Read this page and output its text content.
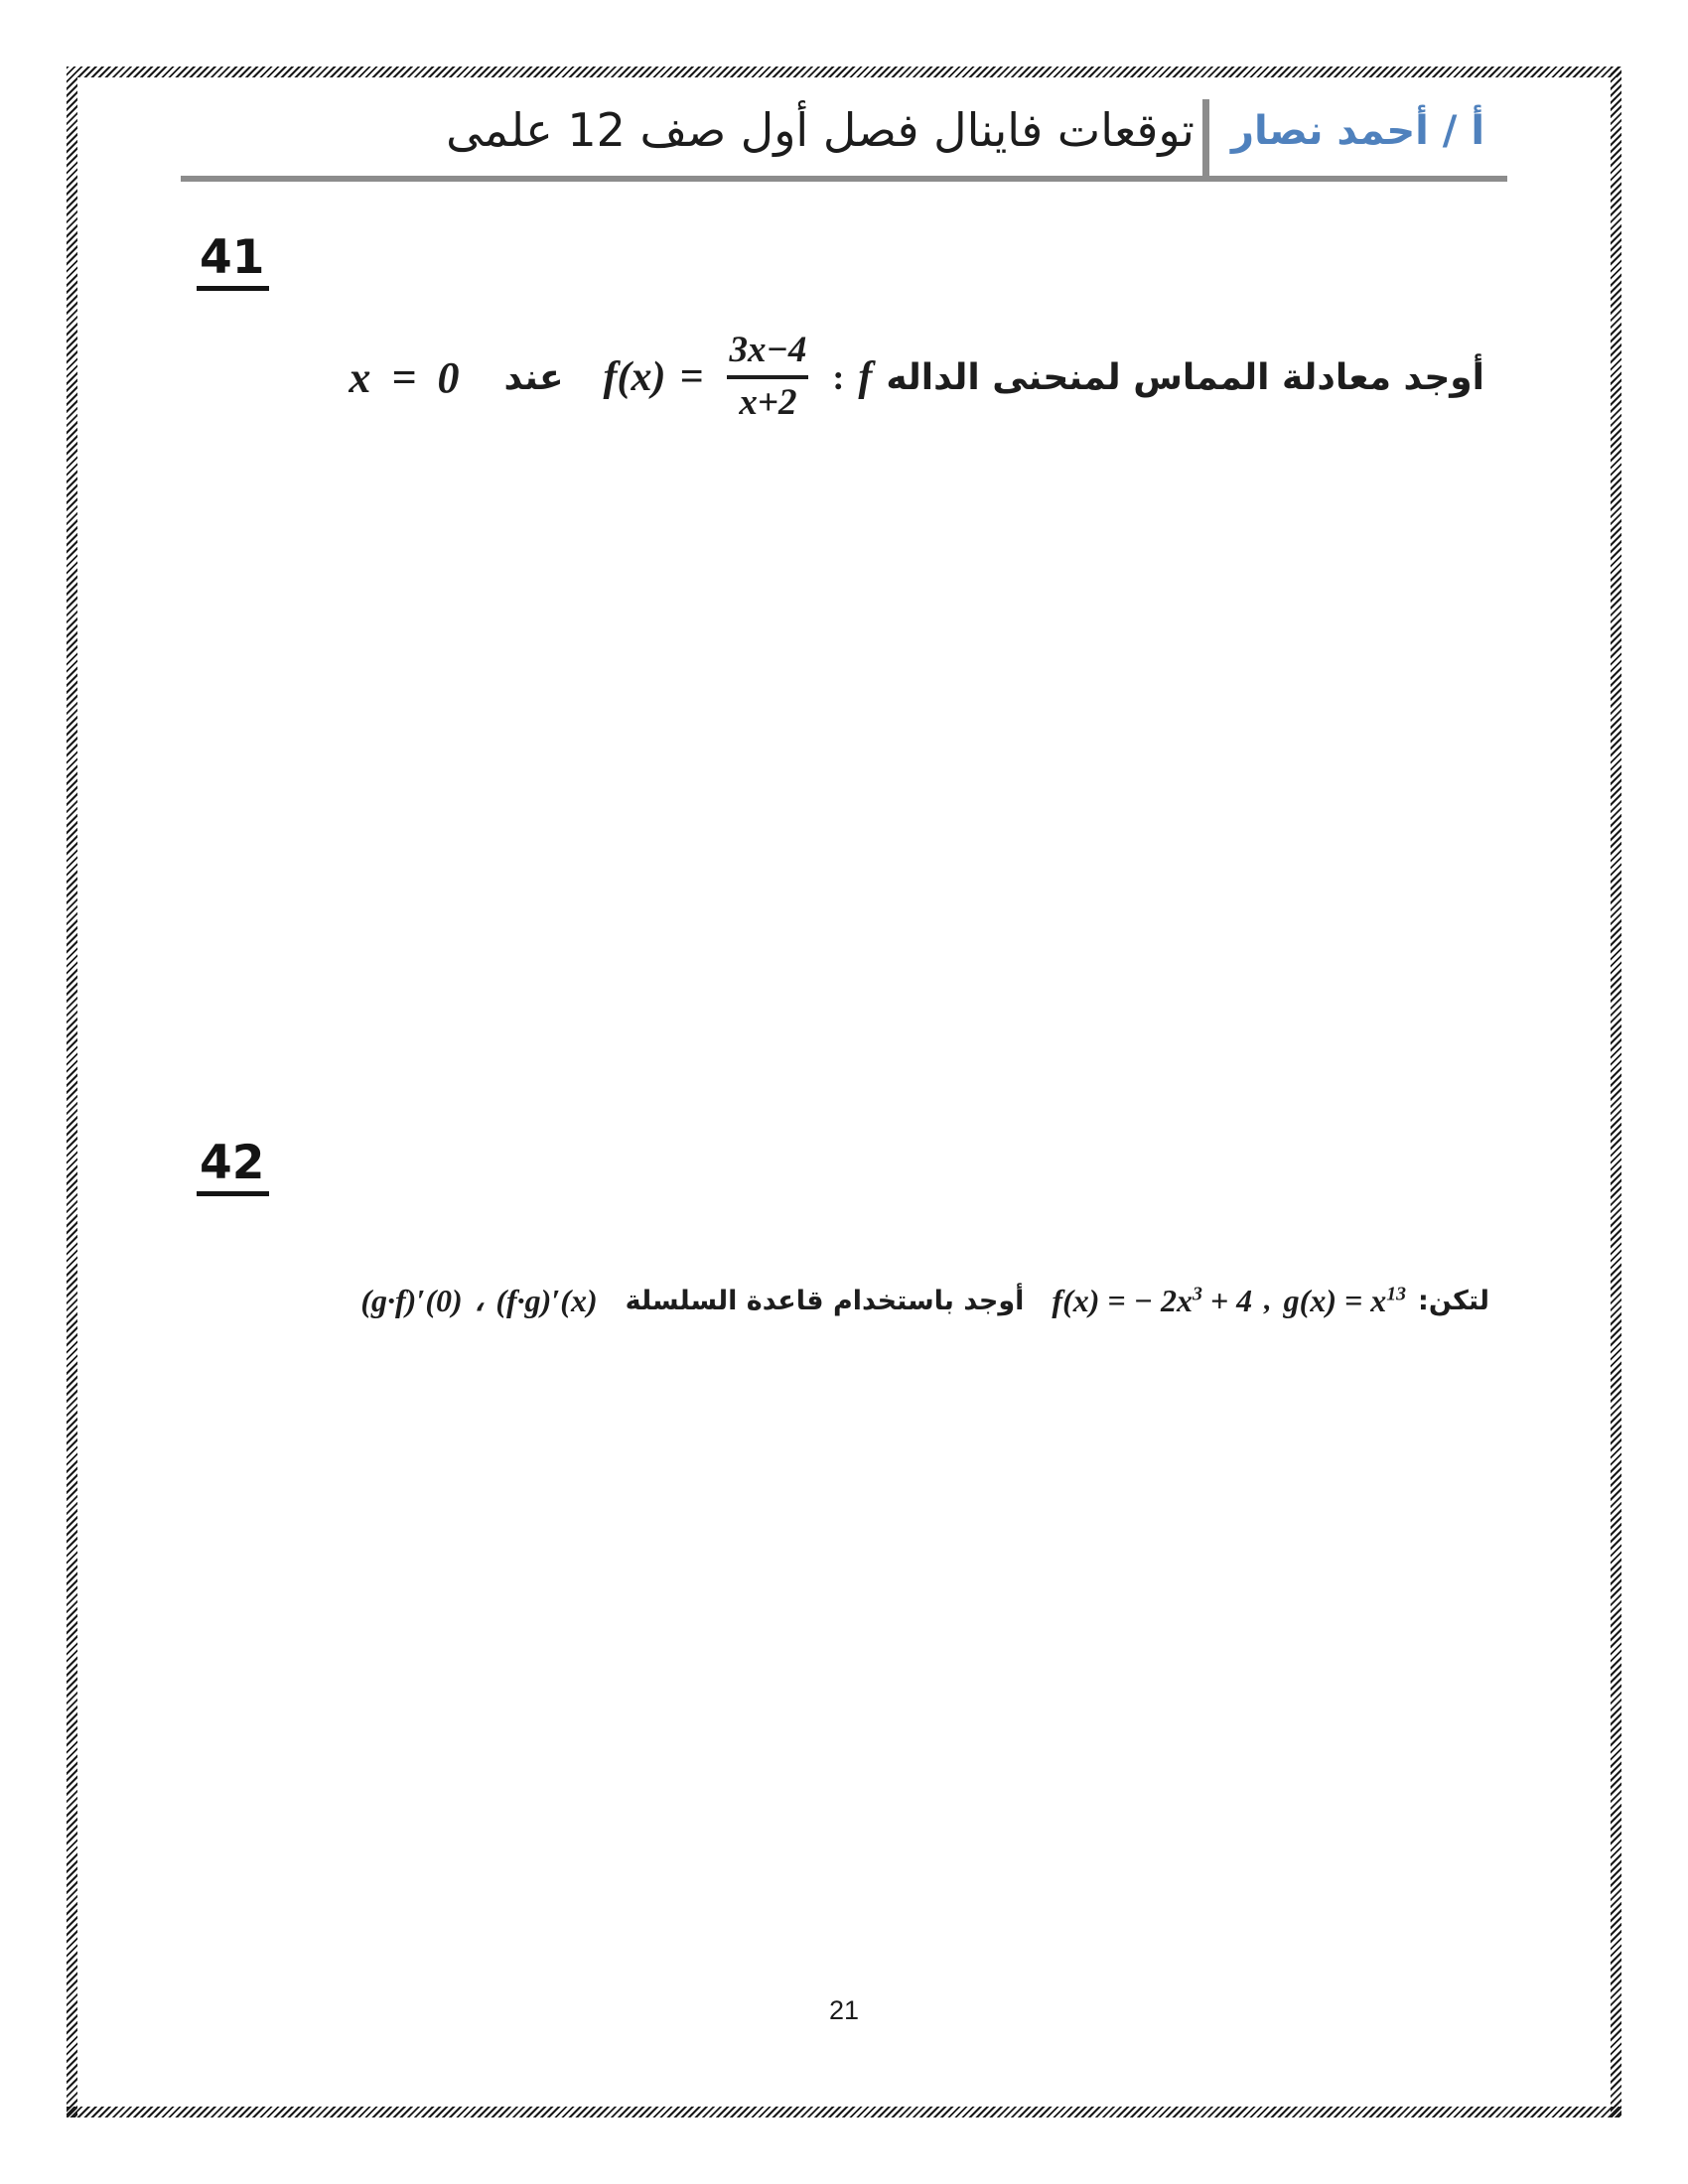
توقعات فاينال فصل أول صف 12 علمى أ / أحمد نصار
41
أوجد معادلة المماس لمنحنى الداله
f
:
$f(x) = \frac{3x-4}{x+2}$
عند
x = 0
42
لتكن:
$g(x) = x^{13}$
,
f(x) = − $2x^3 + 4$
أوجد باستخدام قاعدة السلسلة
(f·g)′(x)
،
(g·f)′(0)
21
